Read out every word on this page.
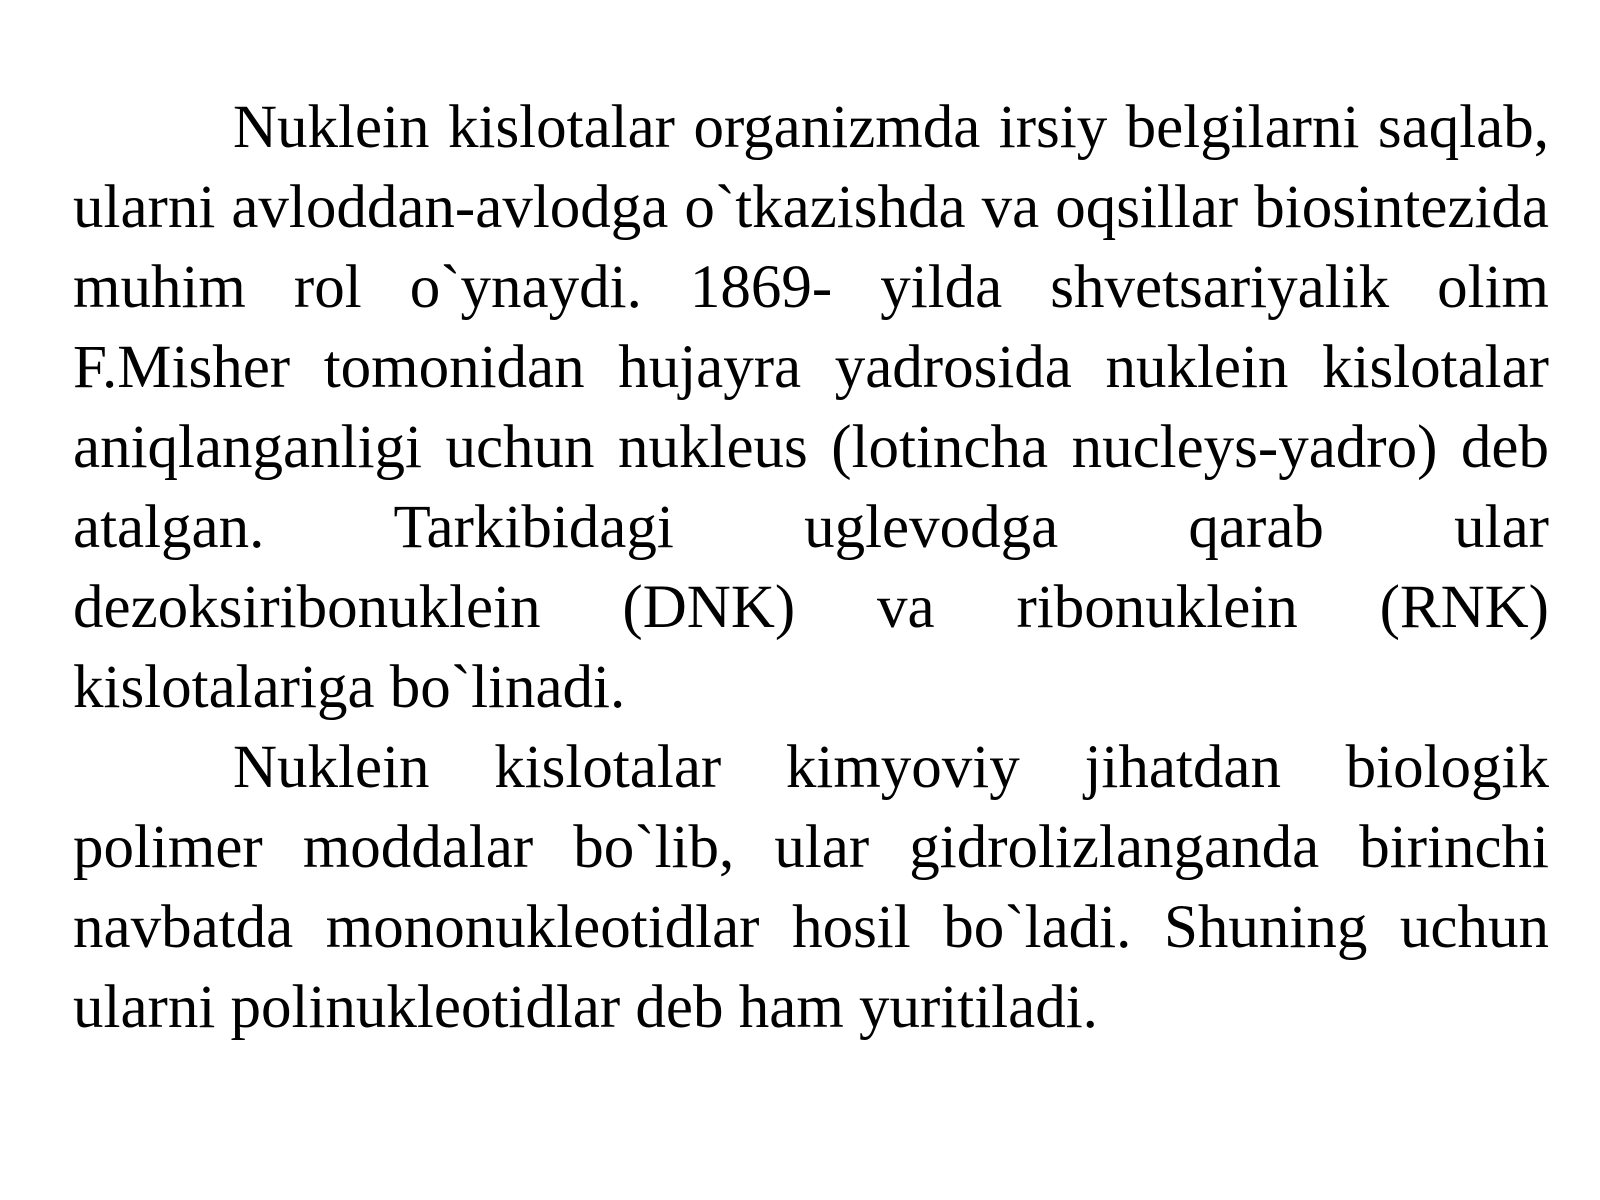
Nuklein kislotalar organizmda irsiy belgilarni saqlab, ularni avloddan-avlodga o`tkazishda va oqsillar biosintezida muhim rol o`ynaydi. 1869- yilda shvetsariyalik olim F.Misher tomonidan hujayra yadrosida nuklein kislotalar aniqlanganligi uchun nukleus (lotincha nucleys-yadro) deb atalgan. Tarkibidagi uglevodga qarab ular dezoksiribonuklein (DNK) va ribonuklein (RNK) kislotalariga bo`linadi.

Nuklein kislotalar kimyoviy jihatdan biologik polimer moddalar bo`lib, ular gidrolizlanganda birinchi navbatda mononukleotidlar hosil bo`ladi. Shuning uchun ularni polinukleotidlar deb ham yuritiladi.
